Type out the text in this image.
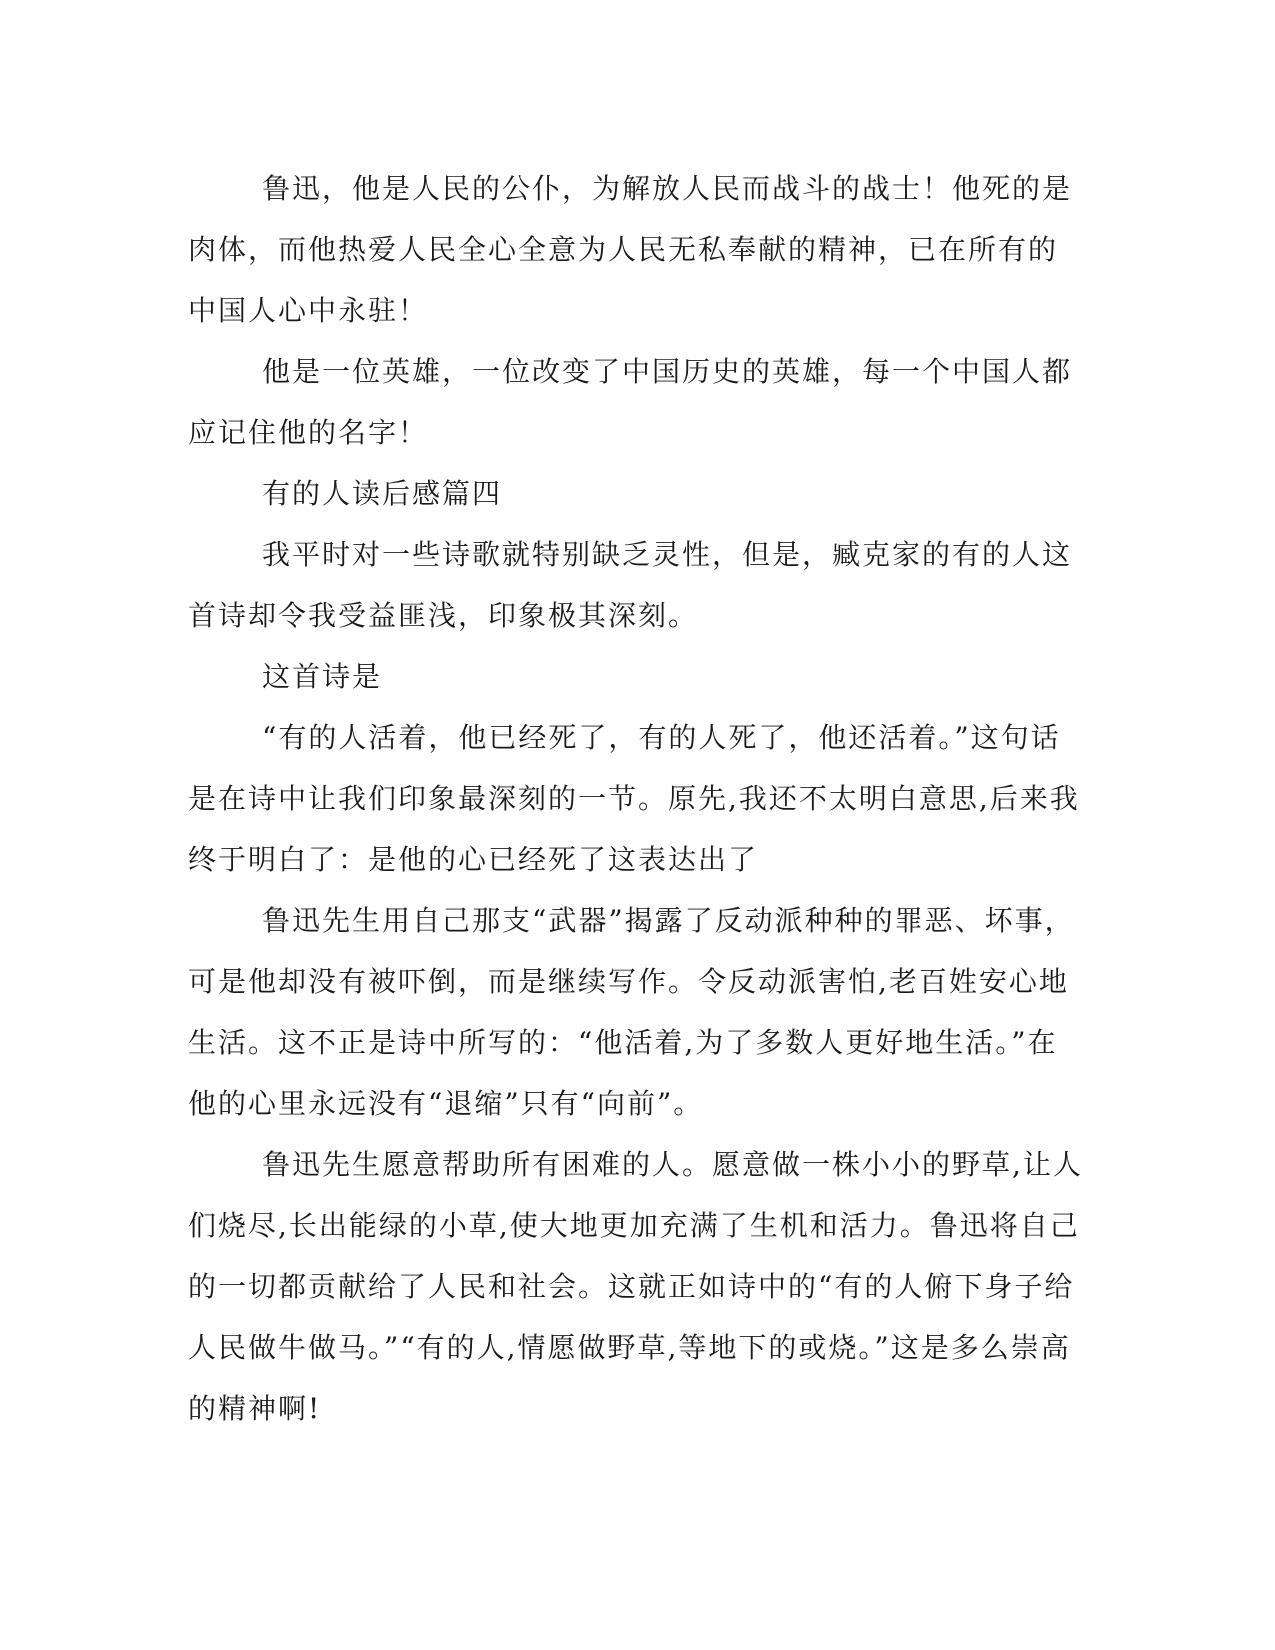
鲁迅，他是人民的公仆，为解放人民而战斗的战士！他死的是肉体，而他热爱人民全心全意为人民无私奉献的精神，已在所有的中国人心中永驻！

他是一位英雄，一位改变了中国历史的英雄，每一个中国人都应记住他的名字！

有的人读后感篇四

我平时对一些诗歌就特别缺乏灵性，但是，臧克家的有的人这首诗却令我受益匪浅，印象极其深刻。

这首诗是

“有的人活着，他已经死了，有的人死了，他还活着。”这句话是在诗中让我们印象最深刻的一节。原先,我还不太明白意思,后来我终于明白了：是他的心已经死了这表达出了

鲁迅先生用自己那支“武器”揭露了反动派种种的罪恶、坏事，可是他却没有被吓倒，而是继续写作。令反动派害怕,老百姓安心地生活。这不正是诗中所写的：“他活着,为了多数人更好地生活。”在他的心里永远没有“退缩”只有“向前”。

鲁迅先生愿意帮助所有困难的人。愿意做一株小小的野草,让人们烧尽,长出能绿的小草,使大地更加充满了生机和活力。鲁迅将自己的一切都贡献给了人民和社会。这就正如诗中的“有的人俯下身子给人民做牛做马。”“有的人,情愿做野草,等地下的或烧。”这是多么崇高的精神啊!
